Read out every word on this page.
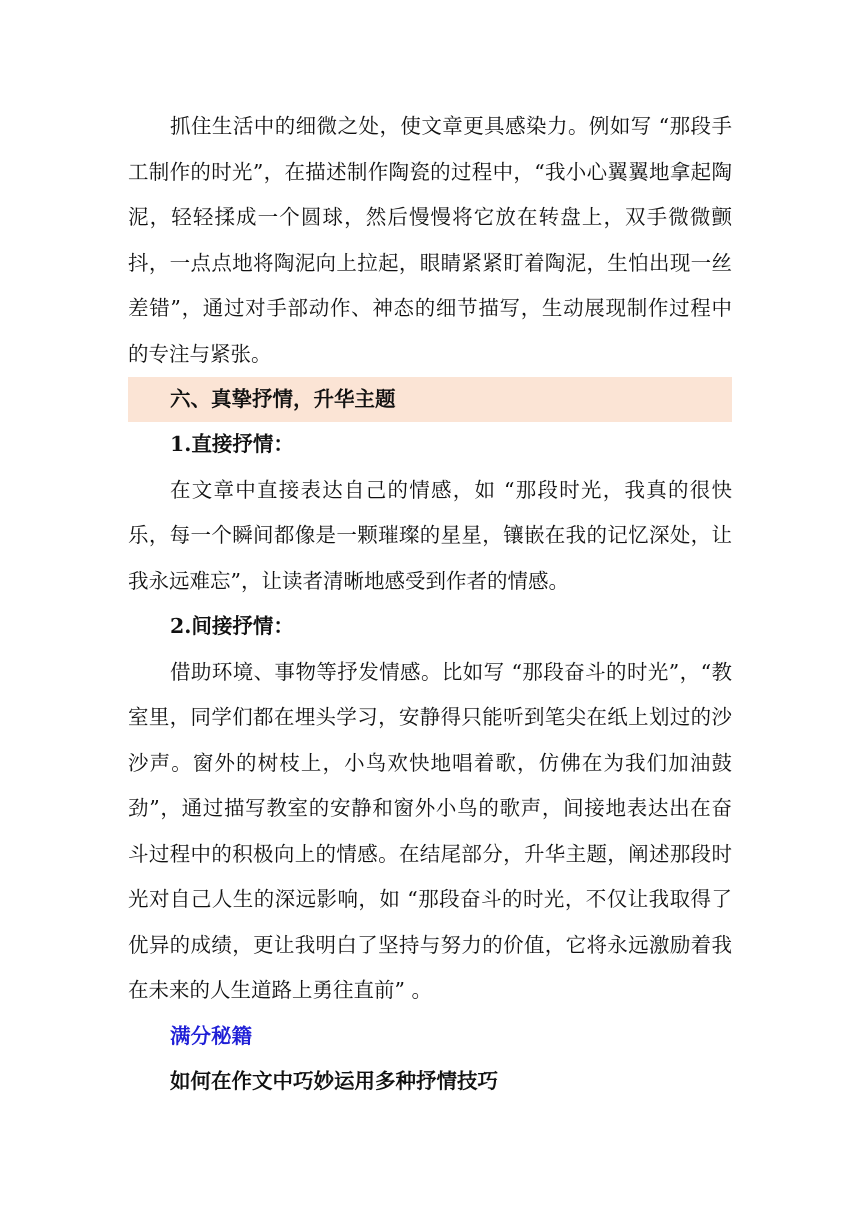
抓住生活中的细微之处，使文章更具感染力。例如写 “那段手工制作的时光”，在描述制作陶瓷的过程中，“我小心翼翼地拿起陶泥，轻轻揉成一个圆球，然后慢慢将它放在转盘上，双手微微颤抖，一点点地将陶泥向上拉起，眼睛紧紧盯着陶泥，生怕出现一丝差错”，通过对手部动作、神态的细节描写，生动展现制作过程中的专注与紧张。

六、真挚抒情，升华主题

1.直接抒情：

在文章中直接表达自己的情感，如 “那段时光，我真的很快乐，每一个瞬间都像是一颗璀璨的星星，镶嵌在我的记忆深处，让我永远难忘”，让读者清晰地感受到作者的情感。

2.间接抒情：

借助环境、事物等抒发情感。比如写 “那段奋斗的时光”，“教室里，同学们都在埋头学习，安静得只能听到笔尖在纸上划过的沙沙声。窗外的树枝上，小鸟欢快地唱着歌，仿佛在为我们加油鼓劲”，通过描写教室的安静和窗外小鸟的歌声，间接地表达出在奋斗过程中的积极向上的情感。在结尾部分，升华主题，阐述那段时光对自己人生的深远影响，如 “那段奋斗的时光，不仅让我取得了优异的成绩，更让我明白了坚持与努力的价值，它将永远激励着我在未来的人生道路上勇往直前” 。

满分秘籍

如何在作文中巧妙运用多种抒情技巧
